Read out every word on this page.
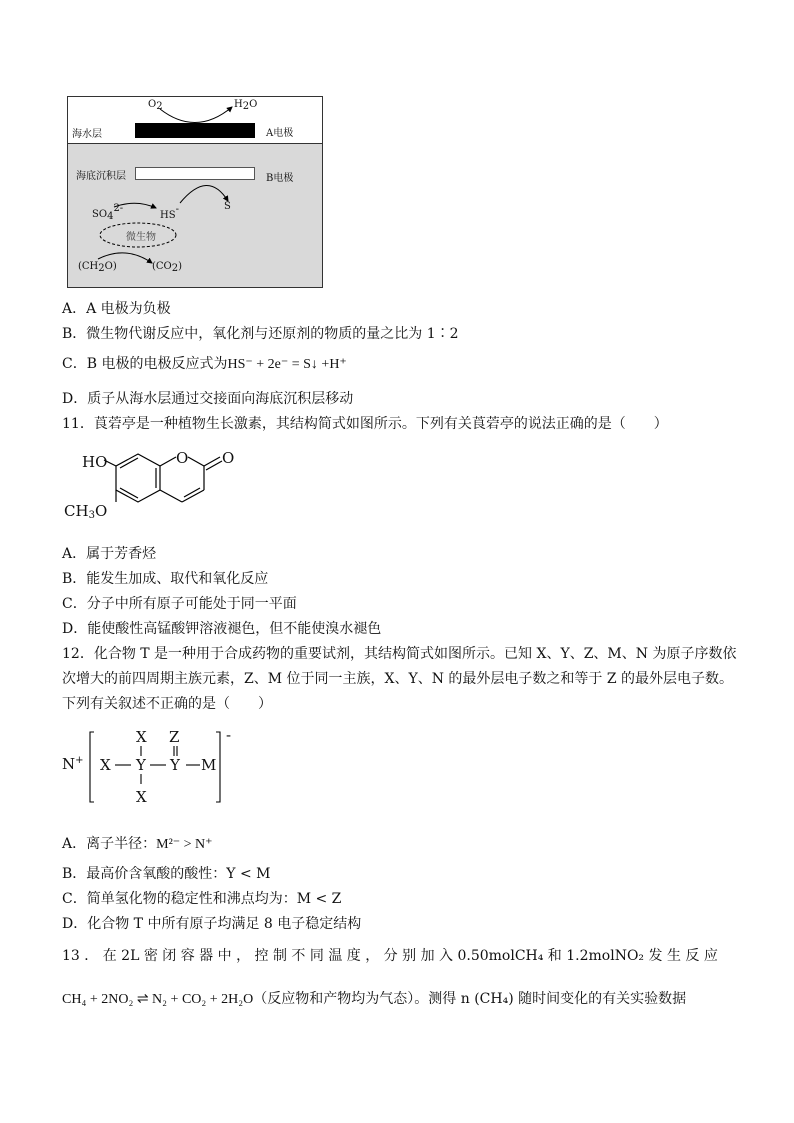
O2	H2O
海水层	A电极
海底沉积层	B电极
SO42-
HS-	S
微生物
(CH2O)	(CO2)
A．A 电极为负极
B．微生物代谢反应中，氧化剂与还原剂的物质的量之比为 1∶2
C．B 电极的电极反应式为HS⁻ + 2e⁻ = S↓ +H⁺
D．质子从海水层通过交接面向海底沉积层移动
11．莨菪亭是一种植物生长激素，其结构简式如图所示。下列有关莨菪亭的说法正确的是（　　）
HO	O O
$CH_3O$
A．属于芳香烃
B．能发生加成、取代和氧化反应
C．分子中所有原子可能处于同一平面
D．能使酸性高锰酸钾溶液褪色，但不能使溴水褪色
12．化合物 T 是一种用于合成药物的重要试剂，其结构简式如图所示。已知 X、Y、Z、M、N 为原子序数依
次增大的前四周期主族元素，Z、M 位于同一主族，X、Y、N 的最外层电子数之和等于 Z 的最外层电子数。
下列有关叙述不正确的是（　　）
N+
X Z
X Y Y M
X
-
A．离子半径：M²⁻ > N⁺
B．最高价含氧酸的酸性：Y < M
C．简单氢化物的稳定性和沸点均为：M < Z
D．化合物 T 中所有原子均满足 8 电子稳定结构
13 ． 在 2L 密 闭 容 器 中 ， 控 制 不 同 温 度 ， 分 别 加 入 0.50molCH₄ 和 1.2molNO₂ 发 生 反 应
CH₄ + 2NO₂ ⇌ N₂ + CO₂ + 2H₂O（反应物和产物均为气态）。测得 n (CH₄) 随时间变化的有关实验数据
